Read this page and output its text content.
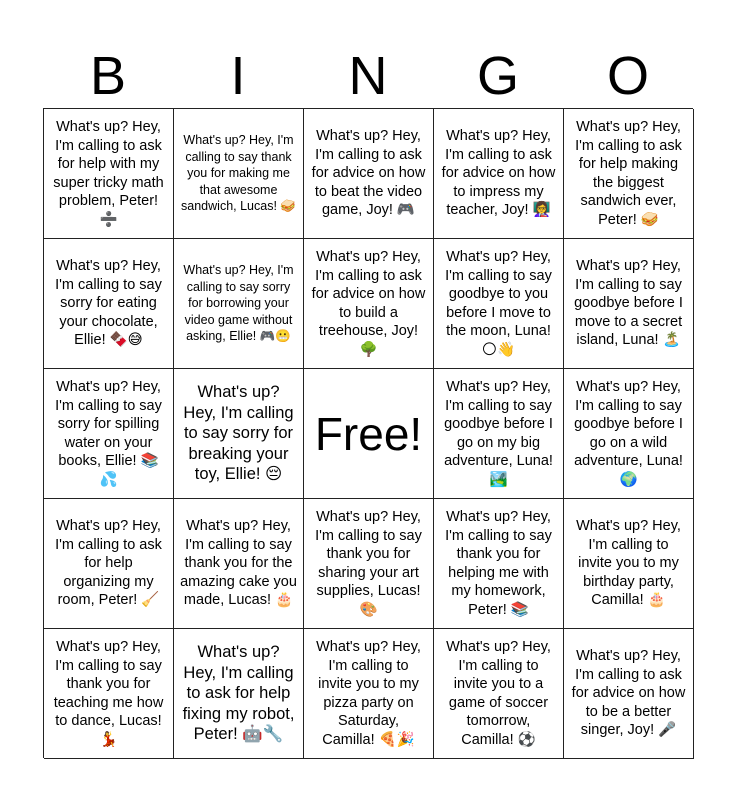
B	I	N	G	O
What's up? Hey, I'm calling to ask for help with my super tricky math problem, Peter! ➗
What's up? Hey, I'm calling to say thank you for making me that awesome sandwich, Lucas! 🥪
What's up? Hey, I'm calling to ask for advice on how to beat the video game, Joy! 🎮
What's up? Hey, I'm calling to ask for advice on how to impress my teacher, Joy! 👩‍🏫
What's up? Hey, I'm calling to ask for help making the biggest sandwich ever, Peter! 🥪
What's up? Hey, I'm calling to say sorry for eating your chocolate, Ellie! 🍫😅
What's up? Hey, I'm calling to say sorry for borrowing your video game without asking, Ellie! 🎮😬
What's up? Hey, I'm calling to ask for advice on how to build a treehouse, Joy! 🌳
What's up? Hey, I'm calling to say goodbye to you before I move to the moon, Luna! 🌕👋
What's up? Hey, I'm calling to say goodbye before I move to a secret island, Luna! 🏝️
What's up? Hey, I'm calling to say sorry for spilling water on your books, Ellie! 📚💦
What's up? Hey, I'm calling to say sorry for breaking your toy, Ellie! 😔
Free!
What's up? Hey, I'm calling to say goodbye before I go on my big adventure, Luna! 🏞️
What's up? Hey, I'm calling to say goodbye before I go on a wild adventure, Luna! 🌍
What's up? Hey, I'm calling to ask for help organizing my room, Peter! 🧹
What's up? Hey, I'm calling to say thank you for the amazing cake you made, Lucas! 🎂
What's up? Hey, I'm calling to say thank you for sharing your art supplies, Lucas! 🎨
What's up? Hey, I'm calling to say thank you for helping me with my homework, Peter! 📚
What's up? Hey, I'm calling to invite you to my birthday party, Camilla! 🎂
What's up? Hey, I'm calling to say thank you for teaching me how to dance, Lucas! 💃
What's up? Hey, I'm calling to ask for help fixing my robot, Peter! 🤖🔧
What's up? Hey, I'm calling to invite you to my pizza party on Saturday, Camilla! 🍕🎉
What's up? Hey, I'm calling to invite you to a game of soccer tomorrow, Camilla! ⚽
What's up? Hey, I'm calling to ask for advice on how to be a better singer, Joy! 🎤
